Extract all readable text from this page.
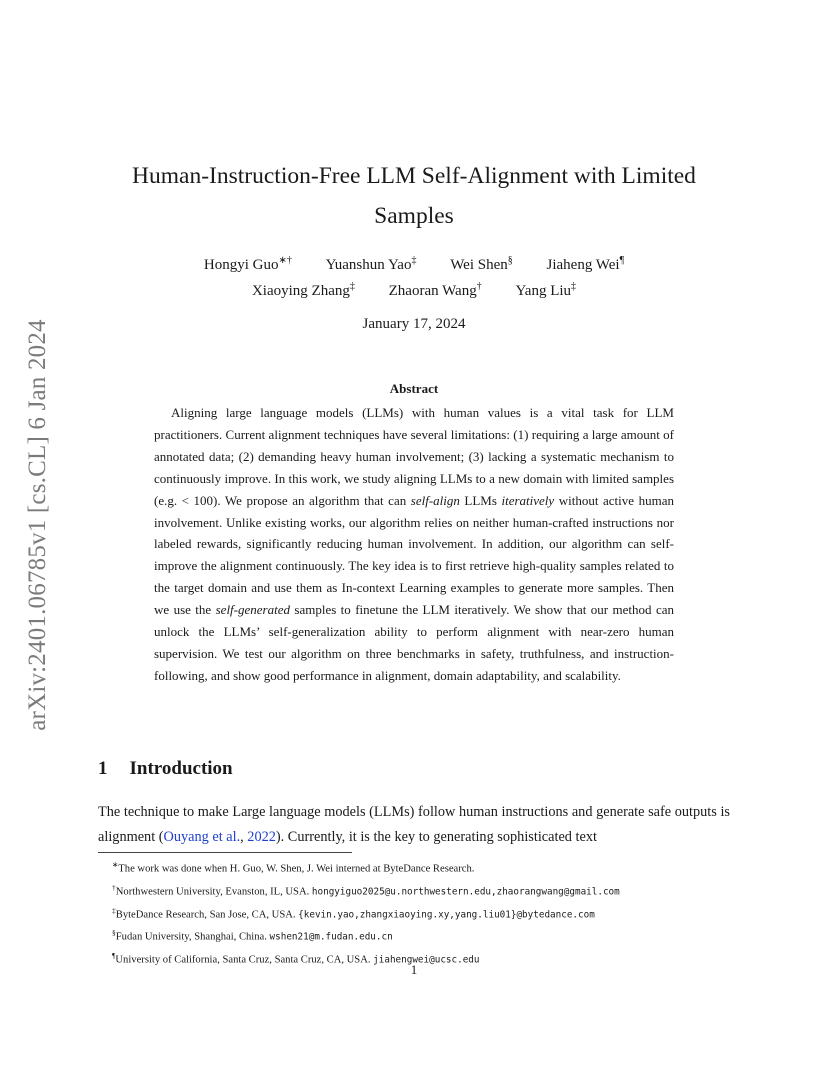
arXiv:2401.06785v1 [cs.CL] 6 Jan 2024
Human-Instruction-Free LLM Self-Alignment with Limited Samples
Hongyi Guo∗† Yuanshun Yao‡ Wei Shen§ Jiaheng Wei¶
Xiaoying Zhang‡ Zhaoran Wang† Yang Liu‡
January 17, 2024
Abstract
Aligning large language models (LLMs) with human values is a vital task for LLM practitioners. Current alignment techniques have several limitations: (1) requiring a large amount of annotated data; (2) demanding heavy human involvement; (3) lacking a systematic mechanism to continuously improve. In this work, we study aligning LLMs to a new domain with limited samples (e.g. < 100). We propose an algorithm that can self-align LLMs iteratively without active human involvement. Unlike existing works, our algorithm relies on neither human-crafted instructions nor labeled rewards, significantly reducing human involvement. In addition, our algorithm can self-improve the alignment continuously. The key idea is to first retrieve high-quality samples related to the target domain and use them as In-context Learning examples to generate more samples. Then we use the self-generated samples to finetune the LLM iteratively. We show that our method can unlock the LLMs’ self-generalization ability to perform alignment with near-zero human supervision. We test our algorithm on three benchmarks in safety, truthfulness, and instruction-following, and show good performance in alignment, domain adaptability, and scalability.
1 Introduction
The technique to make Large language models (LLMs) follow human instructions and generate safe outputs is alignment (Ouyang et al., 2022). Currently, it is the key to generating sophisticated text
∗The work was done when H. Guo, W. Shen, J. Wei interned at ByteDance Research.
†Northwestern University, Evanston, IL, USA. hongyiguo2025@u.northwestern.edu,zhaorangwang@gmail.com
‡ByteDance Research, San Jose, CA, USA. {kevin.yao,zhangxiaoying.xy,yang.liu01}@bytedance.com
§Fudan University, Shanghai, China. wshen21@m.fudan.edu.cn
¶University of California, Santa Cruz, Santa Cruz, CA, USA. jiahengwei@ucsc.edu
1
